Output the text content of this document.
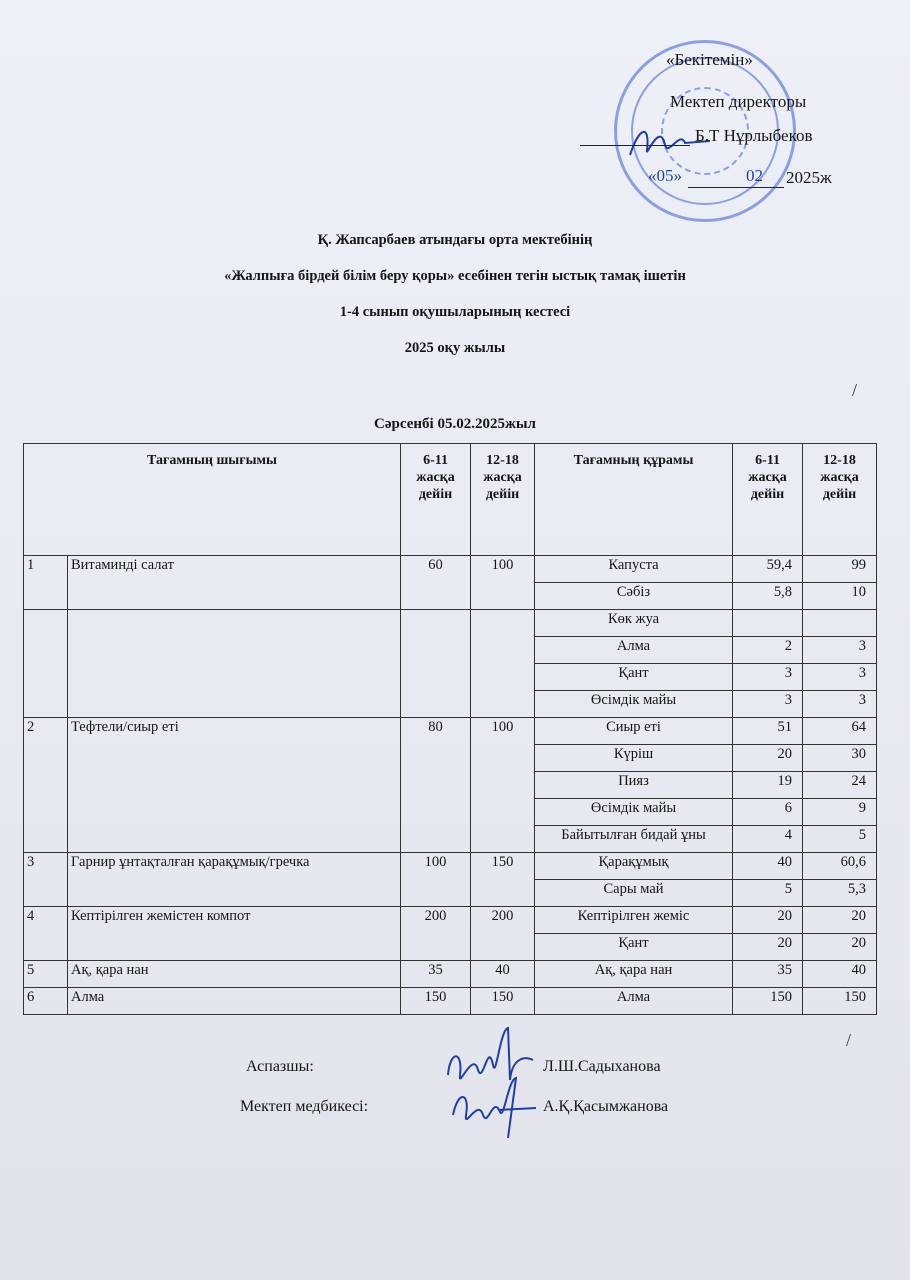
«Бекітемін»
Мектеп директоры
Б.Т Нұрлыбеков
«05»	02 2025ж
Қ. Жапсарбаев атындағы орта мектебінің
«Жалпыға бірдей білім беру қоры» есебінен тегін ыстық тамақ ішетін
1-4 сынып оқушыларының кестесі
2025 оқу жылы
/
Сәрсенбі 05.02.2025жыл
Тағамның шығымы		6-11 жасқа дейін	12-18 жасқа дейін	Тағамның құрамы	6-11 жасқа дейін	12-18 жасқа дейін
1	Витаминді салат	60	100	Капуста	59,4	99
				Сәбіз	5,8	10
				Көк жуа		
				Алма	2	3
				Қант	3	3
				Өсімдік майы	3	3
2	Тефтели/сиыр еті	80	100	Сиыр еті	51	64
				Күріш	20	30
				Пияз	19	24
				Өсімдік майы	6	9
				Байытылған бидай ұны	4	5
3	Гарнир ұнтақталған қарақұмық/гречка	100	150	Қарақұмық	40	60,6
				Сары май	5	5,3
4	Кептірілген жемістен компот	200	200	Кептірілген жеміс	20	20
				Қант	20	20
5	Ақ, қара нан	35	40	Ақ, қара нан	35	40
6	Алма	150	150	Алма	150	150
/
Аспазшы:	Л.Ш.Садыханова
Мектеп медбикесі:	А.Қ.Қасымжанова
